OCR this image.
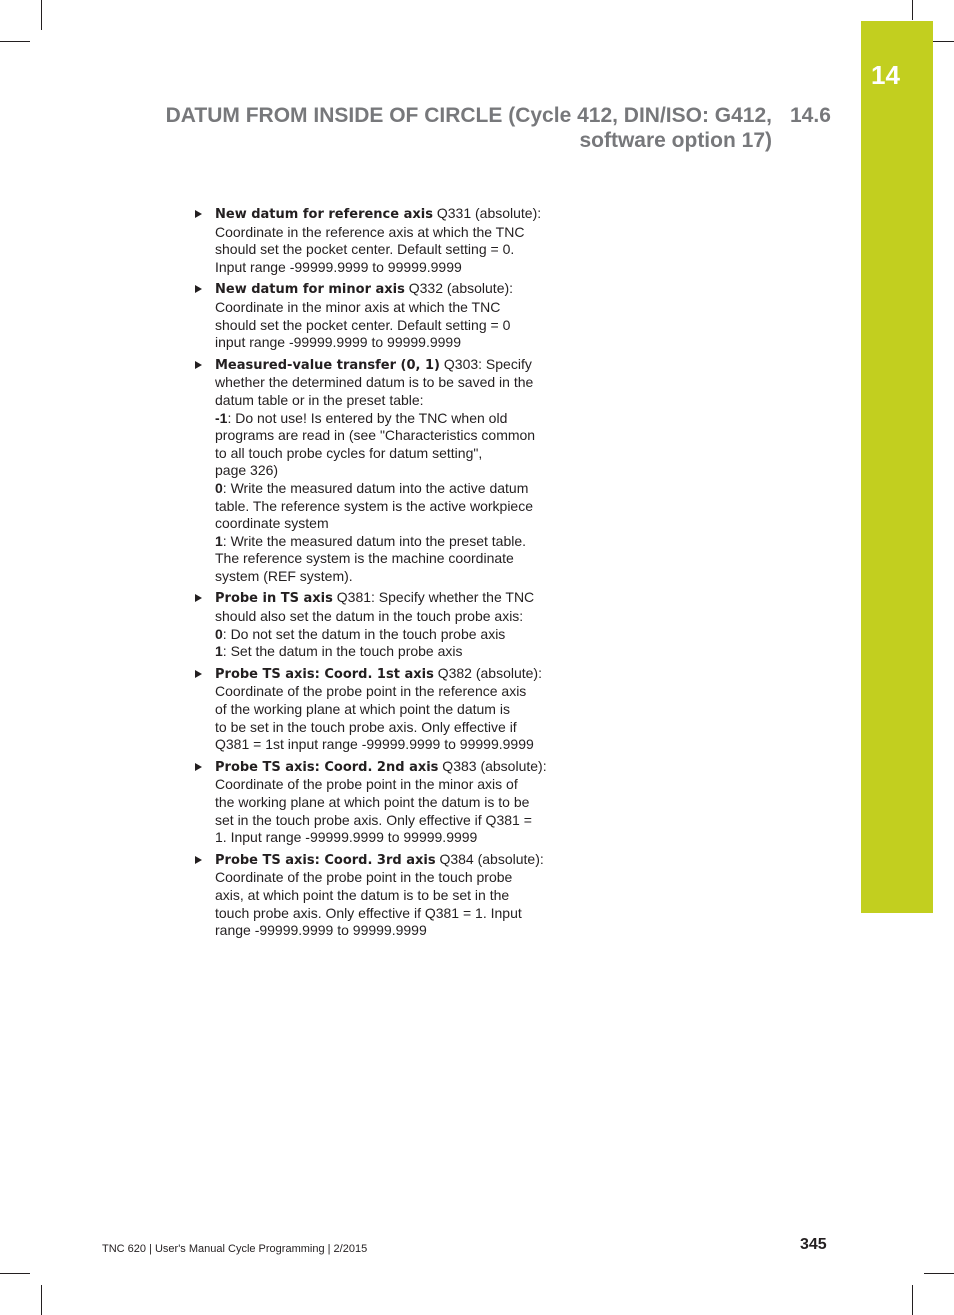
14
DATUM FROM INSIDE OF CIRCLE (Cycle 412, DIN/ISO: G412,
software option 17)
14.6
New datum for reference axis Q331 (absolute):
Coordinate in the reference axis at which the TNC
should set the pocket center. Default setting = 0.
Input range -99999.9999 to 99999.9999
New datum for minor axis Q332 (absolute):
Coordinate in the minor axis at which the TNC
should set the pocket center. Default setting = 0
input range -99999.9999 to 99999.9999
Measured-value transfer (0, 1) Q303: Specify
whether the determined datum is to be saved in the
datum table or in the preset table:
-1: Do not use! Is entered by the TNC when old
programs are read in (see "Characteristics common
to all touch probe cycles for datum setting",
page 326)
0: Write the measured datum into the active datum
table. The reference system is the active workpiece
coordinate system
1: Write the measured datum into the preset table.
The reference system is the machine coordinate
system (REF system).
Probe in TS axis Q381: Specify whether the TNC
should also set the datum in the touch probe axis:
0: Do not set the datum in the touch probe axis
1: Set the datum in the touch probe axis
Probe TS axis: Coord. 1st axis Q382 (absolute):
Coordinate of the probe point in the reference axis
of the working plane at which point the datum is
to be set in the touch probe axis. Only effective if
Q381 = 1st input range -99999.9999 to 99999.9999
Probe TS axis: Coord. 2nd axis Q383 (absolute):
Coordinate of the probe point in the minor axis of
the working plane at which point the datum is to be
set in the touch probe axis. Only effective if Q381 =
1. Input range -99999.9999 to 99999.9999
Probe TS axis: Coord. 3rd axis Q384 (absolute):
Coordinate of the probe point in the touch probe
axis, at which point the datum is to be set in the
touch probe axis. Only effective if Q381 = 1. Input
range -99999.9999 to 99999.9999
TNC 620 | User's Manual Cycle Programming | 2/2015	345
